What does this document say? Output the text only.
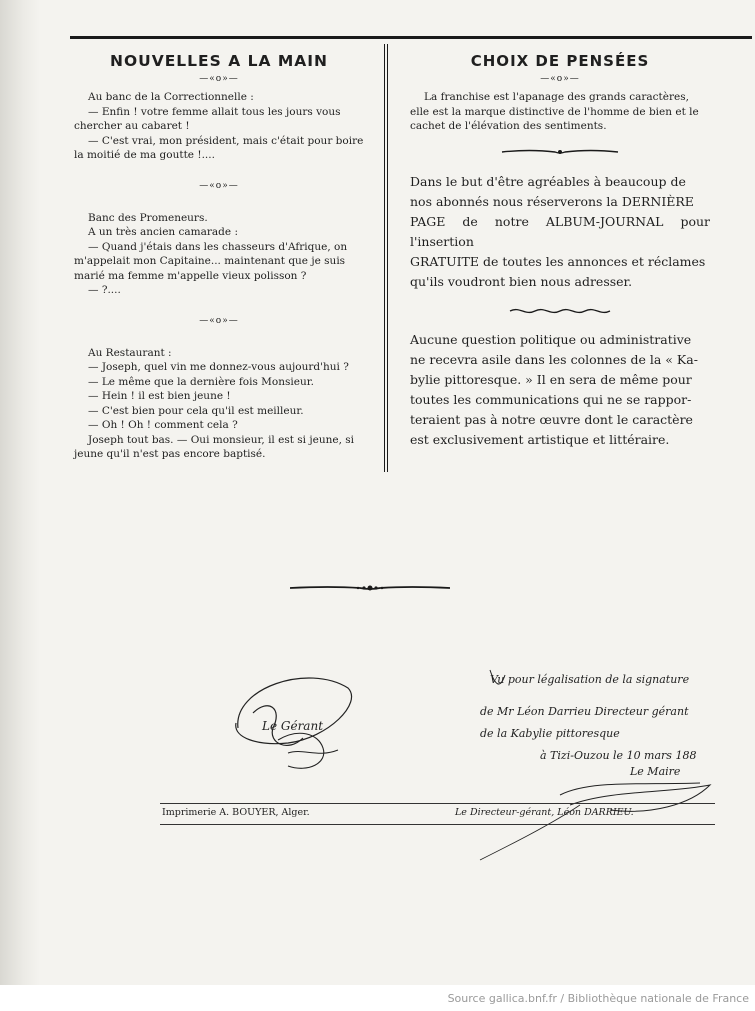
NOUVELLES A LA MAIN
—«o»—

Au banc de la Correctionnelle :
— Enfin ! votre femme allait tous les jours vous
chercher au cabaret !
— C'est vrai, mon président, mais c'était pour boire
la moitié de ma goutte !....

—«o»—

Banc des Promeneurs.
A un très ancien camarade :
— Quand j'étais dans les chasseurs d'Afrique, on
m'appelait mon Capitaine... maintenant que je suis
marié ma femme m'appelle vieux polisson ?
— ?....

—«o»—

Au Restaurant :
— Joseph, quel vin me donnez-vous aujourd'hui ?
— Le même que la dernière fois Monsieur.
— Hein ! il est bien jeune !
— C'est bien pour cela qu'il est meilleur.
— Oh ! Oh ! comment cela ?
Joseph tout bas. — Oui monsieur, il est si jeune, si
jeune qu'il n'est pas encore baptisé.

CHOIX DE PENSÉES
—«o»—

La franchise est l'apanage des grands caractères,
elle est la marque distinctive de l'homme de bien et le
cachet de l'élévation des sentiments.

Dans le but d'être agréables à beaucoup de
nos abonnés nous réserverons la DERNIÈRE
PAGE de notre ALBUM-JOURNAL pour l'insertion
GRATUITE de toutes les annonces et réclames
qu'ils voudront bien nous adresser.

Aucune question politique ou administrative
ne recevra asile dans les colonnes de la « Ka-
bylie pittoresque. » Il en sera de même pour
toutes les communications qui ne se rappor-
teraient pas à notre œuvre dont le caractère
est exclusivement artistique et littéraire.

Le Gérant
Vu pour légalisation de la signature
de Mr Léon Darrieu Directeur gérant
de la Kabylie pittoresque
à Tizi-Ouzou le 10 mars 188
Le Maire
Imprimerie A. BOUYER, Alger.	Le Directeur-gérant, Léon DARRIEU.
Source gallica.bnf.fr / Bibliothèque nationale de France
